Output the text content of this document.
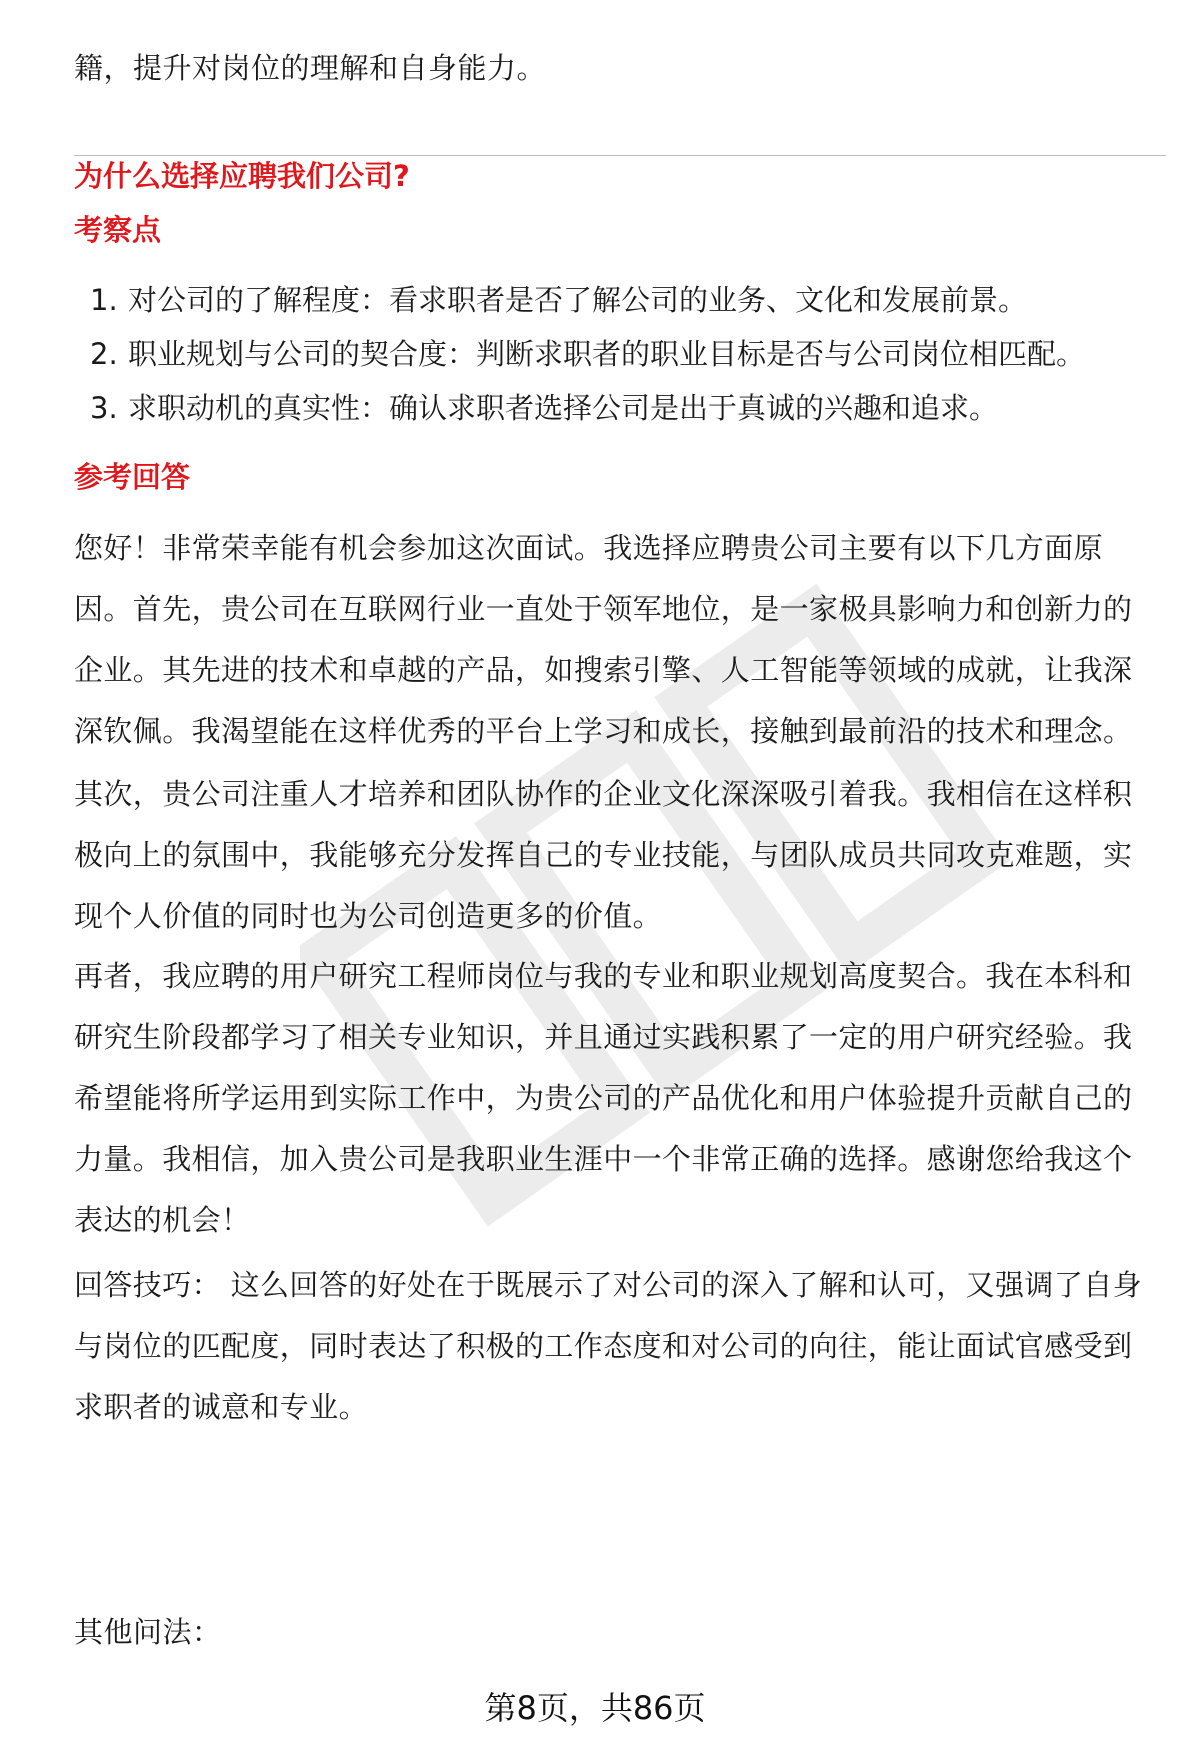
籍，提升对岗位的理解和自身能力。
为什么选择应聘我们公司?
考察点
1. 对公司的了解程度：看求职者是否了解公司的业务、文化和发展前景。
2. 职业规划与公司的契合度：判断求职者的职业目标是否与公司岗位相匹配。
3. 求职动机的真实性：确认求职者选择公司是出于真诚的兴趣和追求。
参考回答
您好！非常荣幸能有机会参加这次面试。我选择应聘贵公司主要有以下几方面原
因。首先，贵公司在互联网行业一直处于领军地位，是一家极具影响力和创新力的
企业。其先进的技术和卓越的产品，如搜索引擎、人工智能等领域的成就，让我深
深钦佩。我渴望能在这样优秀的平台上学习和成长，接触到最前沿的技术和理念。
其次，贵公司注重人才培养和团队协作的企业文化深深吸引着我。我相信在这样积
极向上的氛围中，我能够充分发挥自己的专业技能，与团队成员共同攻克难题，实
现个人价值的同时也为公司创造更多的价值。
再者，我应聘的用户研究工程师岗位与我的专业和职业规划高度契合。我在本科和
研究生阶段都学习了相关专业知识，并且通过实践积累了一定的用户研究经验。我
希望能将所学运用到实际工作中，为贵公司的产品优化和用户体验提升贡献自己的
力量。我相信，加入贵公司是我职业生涯中一个非常正确的选择。感谢您给我这个
表达的机会！
回答技巧： 这么回答的好处在于既展示了对公司的深入了解和认可，又强调了自身
与岗位的匹配度，同时表达了积极的工作态度和对公司的向往，能让面试官感受到
求职者的诚意和专业。
其他问法：
第8页，共86页
